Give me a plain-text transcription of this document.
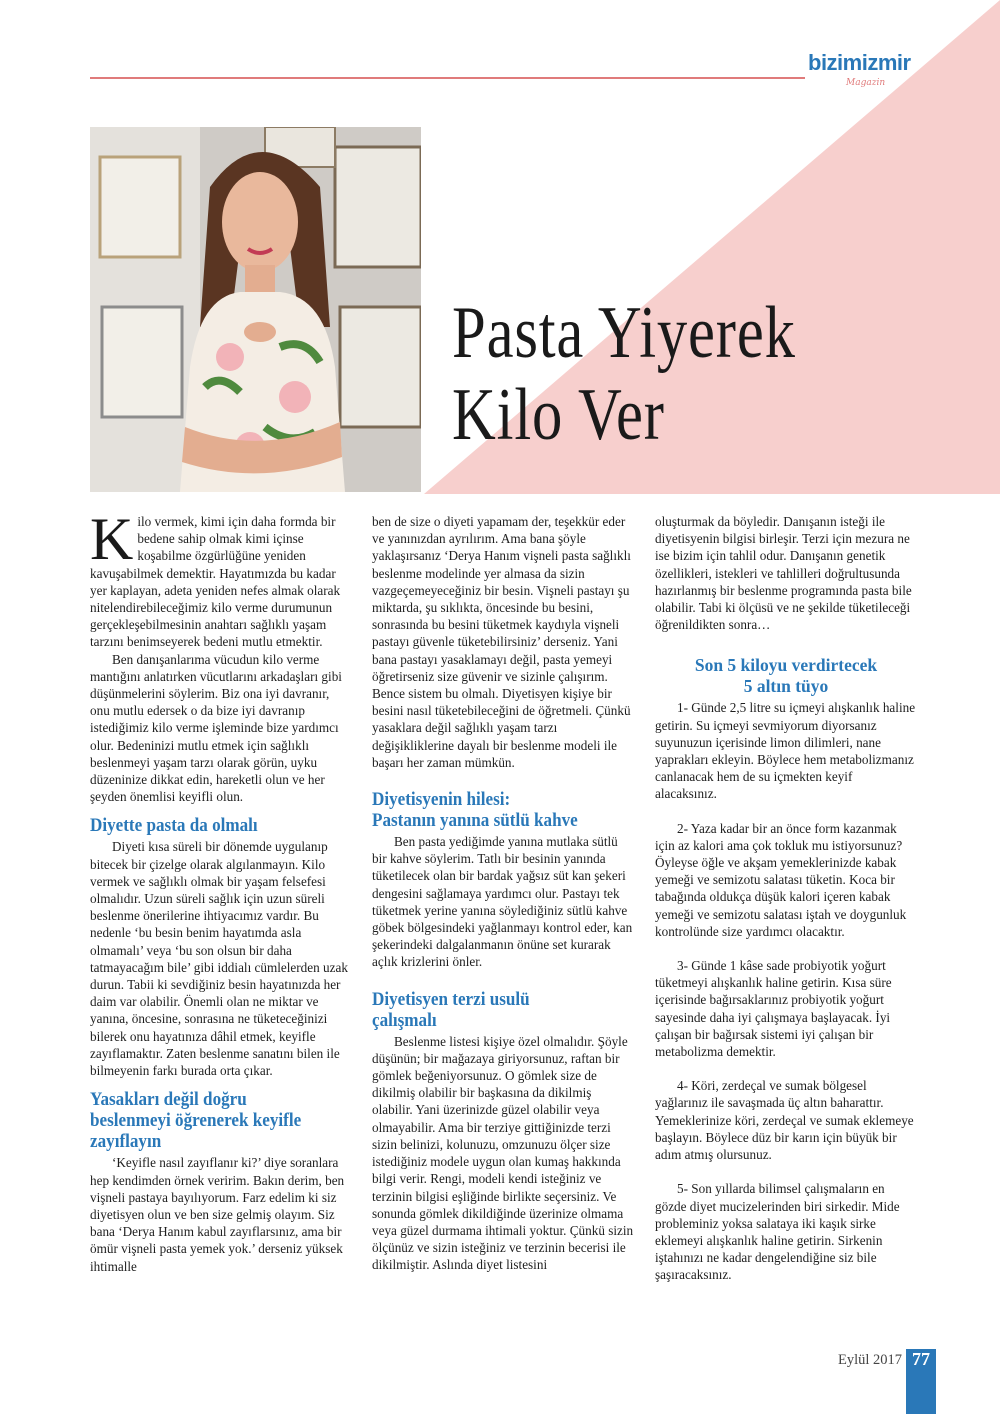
bizimizmir
Magazin
Pasta Yiyerek
Kilo Ver

Kilo vermek, kimi için daha formda bir bedene sahip olmak kimi içinse koşabilme özgürlüğüne yeniden kavuşabilmek demektir. Hayatımızda bu kadar yer kaplayan, adeta yeniden nefes almak olarak nitelendirebileceğimiz kilo verme durumunun gerçekleşebilmesinin anahtarı sağlıklı yaşam tarzını benimseyerek bedeni mutlu etmektir.

Ben danışanlarıma vücudun kilo verme mantığını anlatırken vücutlarını arkadaşları gibi düşünmelerini söylerim. Biz ona iyi davranır, onu mutlu edersek o da bize iyi davranıp istediğimiz kilo verme işleminde bize yardımcı olur. Bedeninizi mutlu etmek için sağlıklı beslenmeyi yaşam tarzı olarak görün, uyku düzeninize dikkat edin, hareketli olun ve her şeyden önemlisi keyifli olun.

Diyette pasta da olmalı

Diyeti kısa süreli bir dönemde uygulanıp bitecek bir çizelge olarak algılanmayın. Kilo vermek ve sağlıklı olmak bir yaşam felsefesi olmalıdır. Uzun süreli sağlık için uzun süreli beslenme önerilerine ihtiyacımız vardır. Bu nedenle ‘bu besin benim hayatımda asla olmamalı’ veya ‘bu son olsun bir daha tatmayacağım bile’ gibi iddialı cümlelerden uzak durun. Tabii ki sevdiğiniz besin hayatınızda her daim var olabilir. Önemli olan ne miktar ve yanına, öncesine, sonrasına ne tüketeceğinizi bilerek onu hayatınıza dâhil etmek, keyifle zayıflamaktır. Zaten beslenme sanatını bilen ile bilmeyenin farkı burada orta çıkar.

Yasakları değil doğru
beslenmeyi öğrenerek keyifle
zayıflayın

‘Keyifle nasıl zayıflanır ki?’ diye soranlara hep kendimden örnek veririm. Bakın derim, ben vişneli pastaya bayılıyorum. Farz edelim ki siz diyetisyen olun ve ben size gelmiş olayım. Siz bana ‘Derya Hanım kabul zayıflarsınız, ama bir ömür vişneli pasta yemek yok.’ derseniz yüksek ihtimalle

ben de size o diyeti yapamam der, teşekkür eder ve yanınızdan ayrılırım. Ama bana şöyle yaklaşırsanız ‘Derya Hanım vişneli pasta sağlıklı beslenme modelinde yer almasa da sizin vazgeçemeyeceğiniz bir besin. Vişneli pastayı şu miktarda, şu sıklıkta, öncesinde bu besini, sonrasında bu besini tüketmek kaydıyla vişneli pastayı güvenle tüketebilirsiniz’ derseniz. Yani bana pastayı yasaklamayı değil, pasta yemeyi öğretirseniz size güvenir ve sizinle çalışırım. Bence sistem bu olmalı. Diyetisyen kişiye bir besini nasıl tüketebileceğini de öğretmeli. Çünkü yasaklara değil sağlıklı yaşam tarzı değişikliklerine dayalı bir beslenme modeli ile başarı her zaman mümkün.

Diyetisyenin hilesi:
Pastanın yanına sütlü kahve

Ben pasta yediğimde yanına mutlaka sütlü bir kahve söylerim. Tatlı bir besinin yanında tüketilecek olan bir bardak yağsız süt kan şekeri dengesini sağlamaya yardımcı olur. Pastayı tek tüketmek yerine yanına söylediğiniz sütlü kahve göbek bölgesindeki yağlanmayı kontrol eder, kan şekerindeki dalgalanmanın önüne set kurarak açlık krizlerini önler.

Diyetisyen terzi usulü
çalışmalı

Beslenme listesi kişiye özel olmalıdır. Şöyle düşünün; bir mağazaya giriyorsunuz, raftan bir gömlek beğeniyorsunuz. O gömlek size de dikilmiş olabilir bir başkasına da dikilmiş olabilir. Yani üzerinizde güzel olabilir veya olmayabilir. Ama bir terziye gittiğinizde terzi sizin belinizi, kolunuzu, omzunuzu ölçer size istediğiniz modele uygun olan kumaş hakkında bilgi verir. Rengi, modeli kendi isteğiniz ve terzinin bilgisi eşliğinde birlikte seçersiniz. Ve sonunda gömlek dikildiğinde üzerinize olmama veya güzel durmama ihtimali yoktur. Çünkü sizin ölçünüz ve sizin isteğiniz ve terzinin becerisi ile dikilmiştir. Aslında diyet listesini

oluşturmak da böyledir. Danışanın isteği ile diyetisyenin bilgisi birleşir. Terzi için mezura ne ise bizim için tahlil odur. Danışanın genetik özellikleri, istekleri ve tahlilleri doğrultusunda hazırlanmış bir beslenme programında pasta bile olabilir. Tabi ki ölçüsü ve ne şekilde tüketileceği öğrenildikten sonra…

Son 5 kiloyu verdirtecek
5 altın tüyo

1- Günde 2,5 litre su içmeyi alışkanlık haline getirin. Su içmeyi sevmiyorum diyorsanız suyunuzun içerisinde limon dilimleri, nane yaprakları ekleyin. Böylece hem metabolizmanız canlanacak hem de su içmekten keyif alacaksınız.

2- Yaza kadar bir an önce form kazanmak için az kalori ama çok tokluk mu istiyorsunuz? Öyleyse öğle ve akşam yemeklerinizde kabak yemeği ve semizotu salatası tüketin. Koca bir tabağında oldukça düşük kalori içeren kabak yemeği ve semizotu salatası iştah ve doygunluk kontrolünde size yardımcı olacaktır.

3- Günde 1 kâse sade probiyotik yoğurt tüketmeyi alışkanlık haline getirin. Kısa süre içerisinde bağırsaklarınız probiyotik yoğurt sayesinde daha iyi çalışmaya başlayacak. İyi çalışan bir bağırsak sistemi iyi çalışan bir metabolizma demektir.

4- Köri, zerdeçal ve sumak bölgesel yağlarınız ile savaşmada üç altın baharattır. Yemeklerinize köri, zerdeçal ve sumak eklemeye başlayın. Böylece düz bir karın için büyük bir adım atmış olursunuz.

5- Son yıllarda bilimsel çalışmaların en gözde diyet mucizelerinden biri sirkedir. Mide probleminiz yoksa salataya iki kaşık sirke eklemeyi alışkanlık haline getirin. Sirkenin iştahınızı ne kadar dengelendiğine siz bile şaşıracaksınız.

Eylül 2017 77
